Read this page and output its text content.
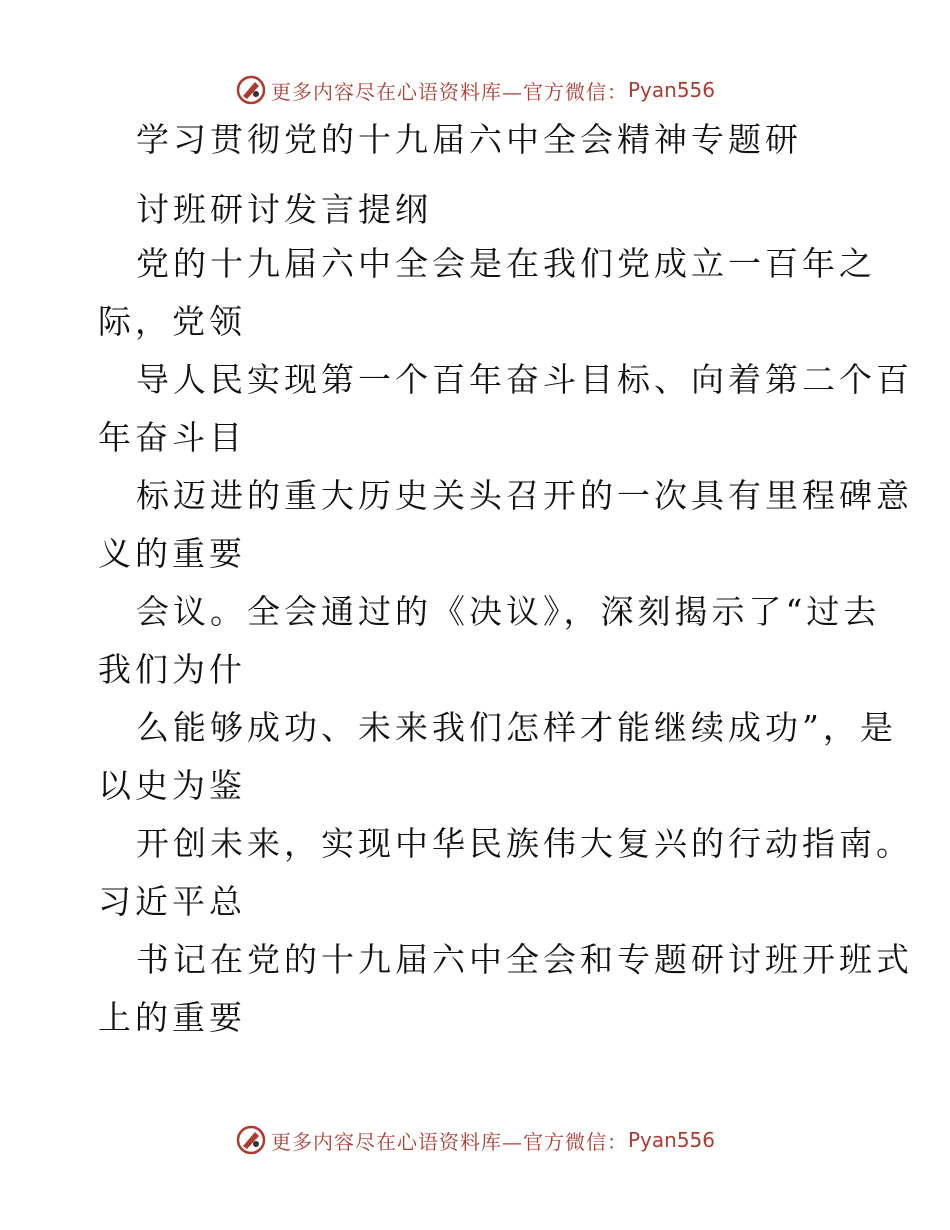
更多内容尽在心语资料库—官方微信： Pyan556
学习贯彻党的十九届六中全会精神专题研
讨班研讨发言提纲
党的十九届六中全会是在我们党成立一百年之
际，党领
导人民实现第一个百年奋斗目标、向着第二个百
年奋斗目
标迈进的重大历史关头召开的一次具有里程碑意
义的重要
会议。全会通过的《决议》，深刻揭示了“过去
我们为什
么能够成功、未来我们怎样才能继续成功”，是
以史为鉴
开创未来，实现中华民族伟大复兴的行动指南。
习近平总
书记在党的十九届六中全会和专题研讨班开班式
上的重要
更多内容尽在心语资料库—官方微信： Pyan556
